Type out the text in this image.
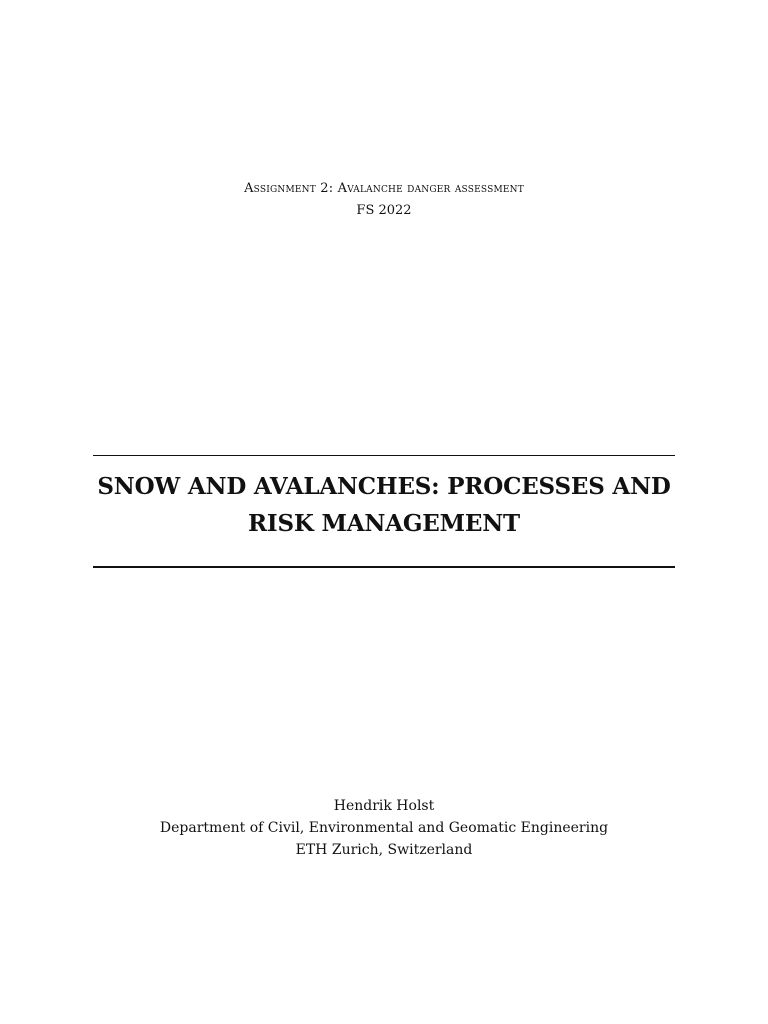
Assignment 2: Avalanche danger assessment

FS 2022

SNOW AND AVALANCHES: PROCESSES AND RISK MANAGEMENT

Hendrik Holst

Department of Civil, Environmental and Geomatic Engineering

ETH Zurich, Switzerland
